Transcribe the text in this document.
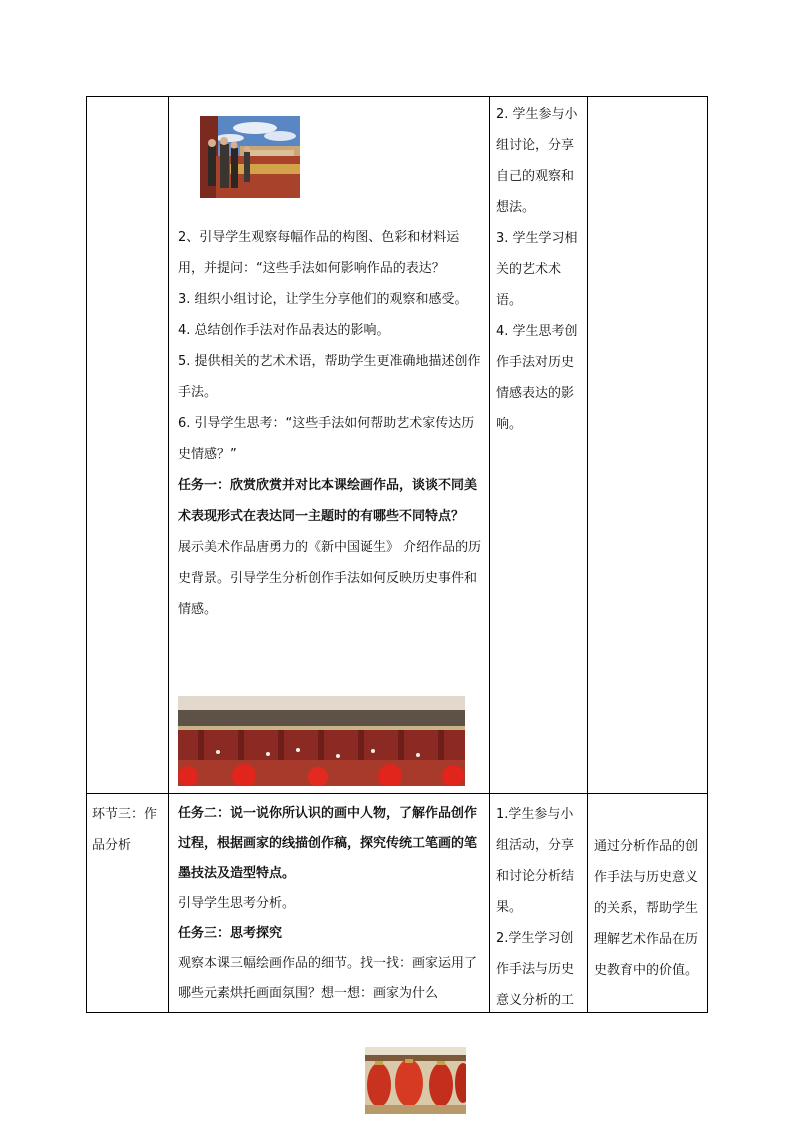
2、引导学生观察每幅作品的构图、色彩和材料运用，并提问：“这些手法如何影响作品的表达？

3. 组织小组讨论，让学生分享他们的观察和感受。

4. 总结创作手法对作品表达的影响。

5. 提供相关的艺术术语，帮助学生更准确地描述创作手法。

6. 引导学生思考：“这些手法如何帮助艺术家传达历史情感？”

任务一：欣赏欣赏并对比本课绘画作品，谈谈不同美术表现形式在表达同一主题时的有哪些不同特点？

展示美术作品唐勇力的《新中国诞生》 介绍作品的历史背景。引导学生分析创作手法如何反映历史事件和情感。

2. 学生参与小组讨论，分享自己的观察和想法。

3. 学生学习相关的艺术术语。

4. 学生思考创作手法对历史情感表达的影响。

环节三：作品分析

任务二：说一说你所认识的画中人物，了解作品创作过程，根据画家的线描创作稿，探究传统工笔画的笔墨技法及造型特点。

引导学生思考分析。

任务三：思考探究

观察本课三幅绘画作品的细节。找一找：画家运用了哪些元素烘托画面氛围？想一想：画家为什么

1.学生参与小组活动，分享和讨论分析结果。

2.学生学习创作手法与历史意义分析的工

通过分析作品的创作手法与历史意义的关系，帮助学生理解艺术作品在历史教育中的价值。
